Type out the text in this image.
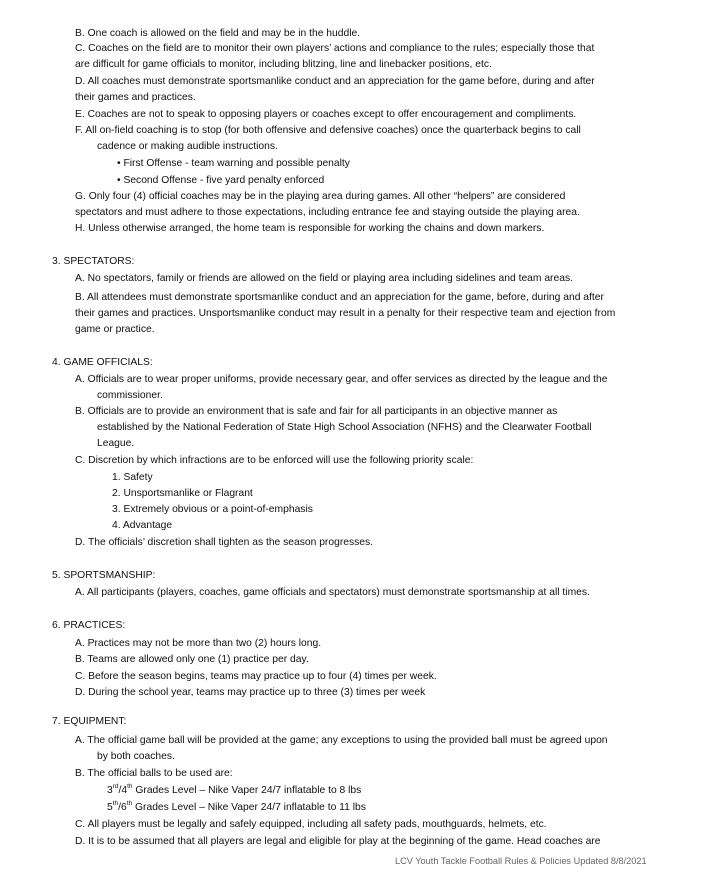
B. One coach is allowed on the field and may be in the huddle.
C. Coaches on the field are to monitor their own players’ actions and compliance to the rules; especially those that
are difficult for game officials to monitor, including blitzing, line and linebacker positions, etc.
D. All coaches must demonstrate sportsmanlike conduct and an appreciation for the game before, during and after
their games and practices.
E. Coaches are not to speak to opposing players or coaches except to offer encouragement and compliments.
F. All on-field coaching is to stop (for both offensive and defensive coaches) once the quarterback begins to call
cadence or making audible instructions.
• First Offense - team warning and possible penalty
• Second Offense - five yard penalty enforced
G. Only four (4) official coaches may be in the playing area during games. All other “helpers” are considered
spectators and must adhere to those expectations, including entrance fee and staying outside the playing area.
H. Unless otherwise arranged, the home team is responsible for working the chains and down markers.
3. SPECTATORS:
A. No spectators, family or friends are allowed on the field or playing area including sidelines and team areas.
B. All attendees must demonstrate sportsmanlike conduct and an appreciation for the game, before, during and after
their games and practices. Unsportsmanlike conduct may result in a penalty for their respective team and ejection from
game or practice.
4. GAME OFFICIALS:
A. Officials are to wear proper uniforms, provide necessary gear, and offer services as directed by the league and the
commissioner.
B. Officials are to provide an environment that is safe and fair for all participants in an objective manner as
established by the National Federation of State High School Association (NFHS) and the Clearwater Football
League.
C. Discretion by which infractions are to be enforced will use the following priority scale:
1. Safety
2. Unsportsmanlike or Flagrant
3. Extremely obvious or a point-of-emphasis
4. Advantage
D. The officials’ discretion shall tighten as the season progresses.
5. SPORTSMANSHIP:
A. All participants (players, coaches, game officials and spectators) must demonstrate sportsmanship at all times.
6. PRACTICES:
A. Practices may not be more than two (2) hours long.
B. Teams are allowed only one (1) practice per day.
C. Before the season begins, teams may practice up to four (4) times per week.
D. During the school year, teams may practice up to three (3) times per week
7. EQUIPMENT:
A. The official game ball will be provided at the game; any exceptions to using the provided ball must be agreed upon
by both coaches.
B. The official balls to be used are:
3rd/4th Grades Level – Nike Vaper 24/7 inflatable to 8 lbs
5th/6th Grades Level – Nike Vaper 24/7 inflatable to 11 lbs
C. All players must be legally and safely equipped, including all safety pads, mouthguards, helmets, etc.
D. It is to be assumed that all players are legal and eligible for play at the beginning of the game. Head coaches are
LCV Youth Tackle Football Rules & Policies Updated 8/8/2021
